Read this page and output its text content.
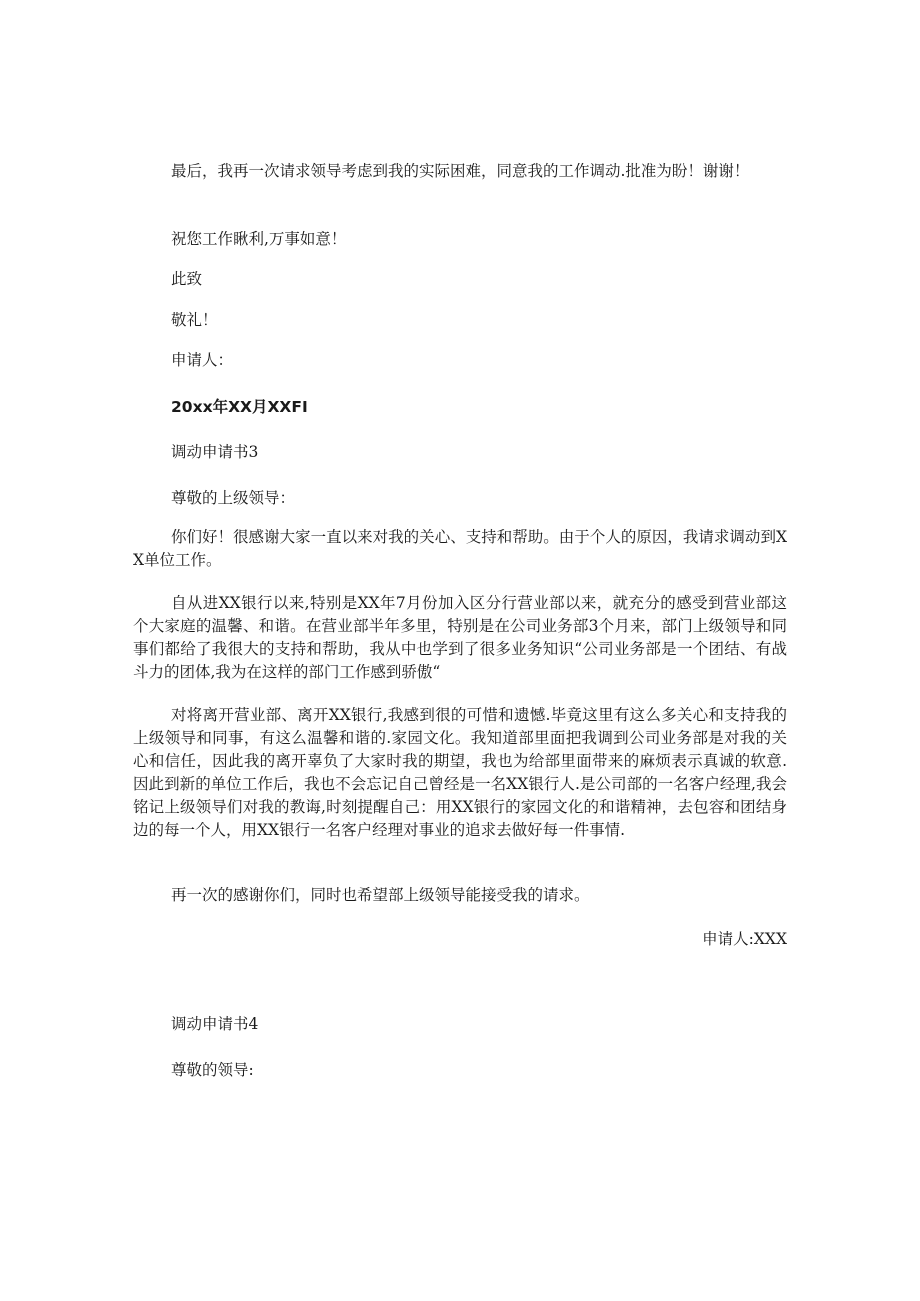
最后，我再一次请求领导考虑到我的实际困难，同意我的工作调动.批准为盼！谢谢！

祝您工作瞅利,万事如意！

此致

敬礼！

申请人：

20xx年XX月XXFI

调动申请书3

尊敬的上级领导：

你们好！很感谢大家一直以来对我的关心、支持和帮助。由于个人的原因，我请求调动到XX单位工作。

自从进XX银行以来,特别是XX年7月份加入区分行营业部以来，就充分的感受到营业部这个大家庭的温馨、和谐。在营业部半年多里，特别是在公司业务部3个月来，部门上级领导和同事们都给了我很大的支持和帮助，我从中也学到了很多业务知识“公司业务部是一个团结、有战斗力的团体,我为在这样的部门工作感到骄傲“

对将离开营业部、离开XX银行,我感到很的可惜和遗憾.毕竟这里有这么多关心和支持我的上级领导和同事，有这么温馨和谐的.家园文化。我知道部里面把我调到公司业务部是对我的关心和信任，因此我的离开辜负了大家时我的期望，我也为给部里面带来的麻烦表示真诚的软意.因此到新的单位工作后，我也不会忘记自己曾经是一名XX银行人.是公司部的一名客户经理,我会铭记上级领导们对我的教诲,时刻提醒自己：用XX银行的家园文化的和谐精神，去包容和团结身边的每一个人，用XX银行一名客户经理对事业的追求去做好每一件事情.

再一次的感谢你们，同时也希望部上级领导能接受我的请求。

申请人:XXX

调动申请书4

尊敬的领导:
